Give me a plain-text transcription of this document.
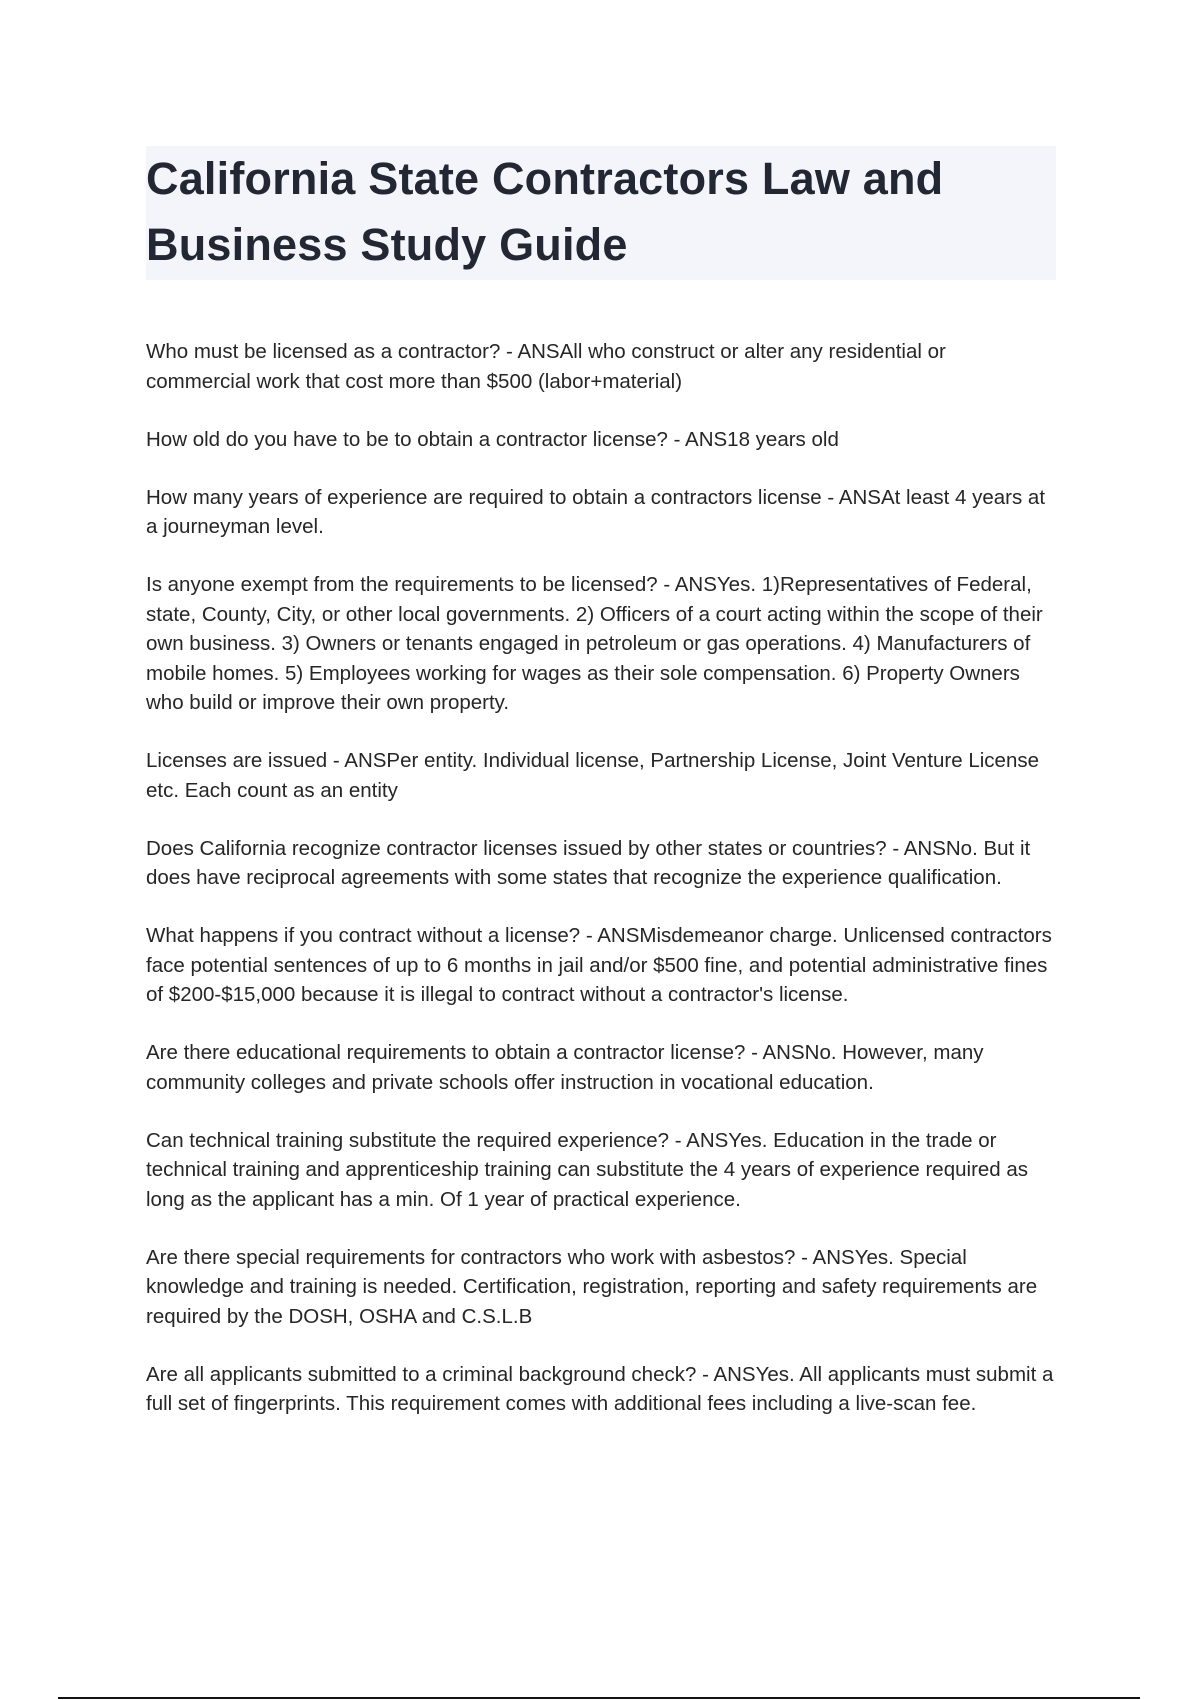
California State Contractors Law and Business Study Guide

Who must be licensed as a contractor? - ANSAll who construct or alter any residential or commercial work that cost more than $500 (labor+material)

How old do you have to be to obtain a contractor license? - ANS18 years old

How many years of experience are required to obtain a contractors license - ANSAt least 4 years at a journeyman level.

Is anyone exempt from the requirements to be licensed? - ANSYes. 1)Representatives of Federal, state, County, City, or other local governments. 2) Officers of a court acting within the scope of their own business. 3) Owners or tenants engaged in petroleum or gas operations. 4) Manufacturers of mobile homes. 5) Employees working for wages as their sole compensation. 6) Property Owners who build or improve their own property.

Licenses are issued - ANSPer entity. Individual license, Partnership License, Joint Venture License etc. Each count as an entity

Does California recognize contractor licenses issued by other states or countries? - ANSNo. But it does have reciprocal agreements with some states that recognize the experience qualification.

What happens if you contract without a license? - ANSMisdemeanor charge. Unlicensed contractors face potential sentences of up to 6 months in jail and/or $500 fine, and potential administrative fines of $200-$15,000 because it is illegal to contract without a contractor's license.

Are there educational requirements to obtain a contractor license? - ANSNo. However, many community colleges and private schools offer instruction in vocational education.

Can technical training substitute the required experience? - ANSYes. Education in the trade or technical training and apprenticeship training can substitute the 4 years of experience required as long as the applicant has a min. Of 1 year of practical experience.

Are there special requirements for contractors who work with asbestos? - ANSYes. Special knowledge and training is needed. Certification, registration, reporting and safety requirements are required by the DOSH, OSHA and C.S.L.B

Are all applicants submitted to a criminal background check? - ANSYes. All applicants must submit a full set of fingerprints. This requirement comes with additional fees including a live-scan fee.
